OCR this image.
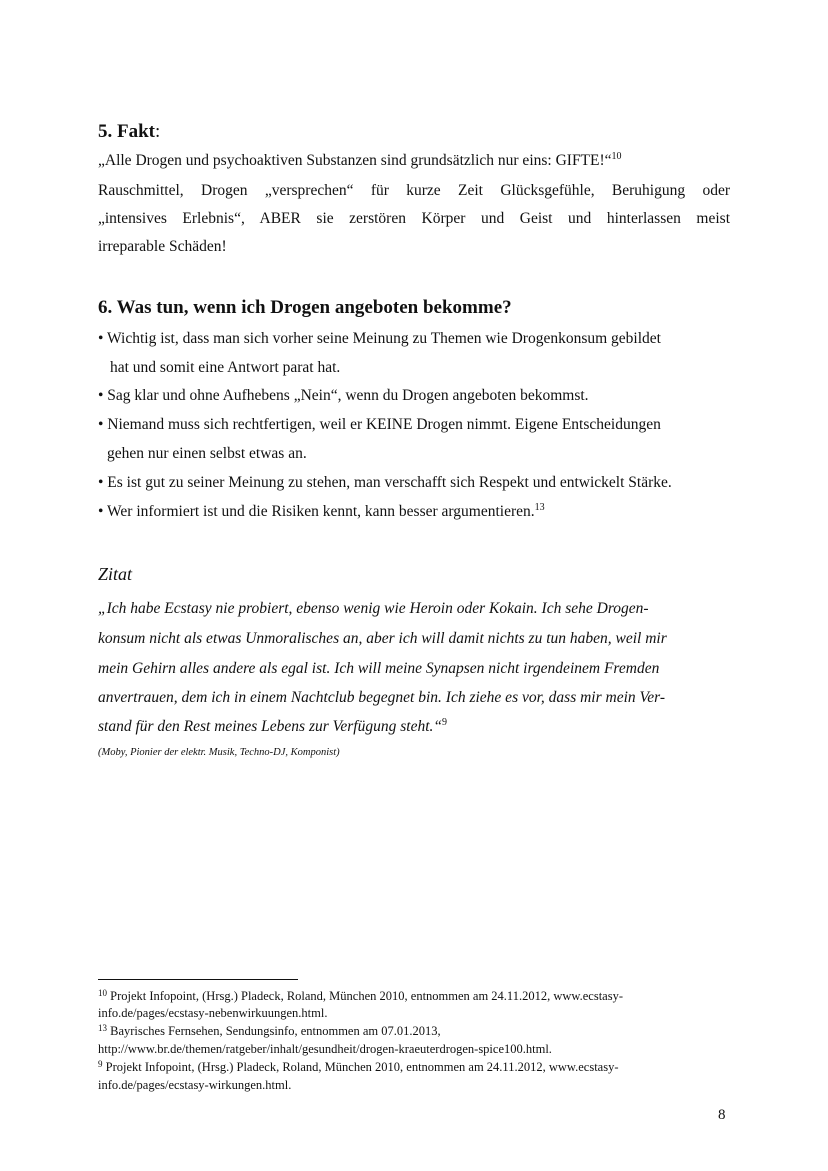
5. Fakt:
„Alle Drogen und psychoaktiven Substanzen sind grundsätzlich nur eins: GIFTE!“$^{10}$
Rauschmittel, Drogen „versprechen“ für kurze Zeit Glücksgefühle, Beruhigung oder
„intensives Erlebnis“, ABER sie zerstören Körper und Geist und hinterlassen meist
irreparable Schäden!
6. Was tun, wenn ich Drogen angeboten bekomme?
• Wichtig ist, dass man sich vorher seine Meinung zu Themen wie Drogenkonsum gebildet
hat und somit eine Antwort parat hat.
• Sag klar und ohne Aufhebens „Nein“, wenn du Drogen angeboten bekommst.
• Niemand muss sich rechtfertigen, weil er KEINE Drogen nimmt. Eigene Entscheidungen
gehen nur einen selbst etwas an.
• Es ist gut zu seiner Meinung zu stehen, man verschafft sich Respekt und entwickelt Stärke.
• Wer informiert ist und die Risiken kennt, kann besser argumentieren.$^{13}$
Zitat
„Ich habe Ecstasy nie probiert, ebenso wenig wie Heroin oder Kokain. Ich sehe Drogen-
konsum nicht als etwas Unmoralisches an, aber ich will damit nichts zu tun haben, weil mir
mein Gehirn alles andere als egal ist. Ich will meine Synapsen nicht irgendeinem Fremden
anvertrauen, dem ich in einem Nachtclub begegnet bin. Ich ziehe es vor, dass mir mein Ver-
stand für den Rest meines Lebens zur Verfügung steht.“$^9$
(Moby, Pionier der elektr. Musik, Techno-DJ, Komponist)
$^{10}$ Projekt Infopoint, (Hrsg.) Pladeck, Roland, München 2010, entnommen am 24.11.2012, www.ecstasy-
info.de/pages/ecstasy-nebenwirkuungen.html.
$^{13}$ Bayrisches Fernsehen, Sendungsinfo, entnommen am 07.01.2013,
http://www.br.de/themen/ratgeber/inhalt/gesundheit/drogen-kraeuterdrogen-spice100.html.
$^9$ Projekt Infopoint, (Hrsg.) Pladeck, Roland, München 2010, entnommen am 24.11.2012, www.ecstasy-
info.de/pages/ecstasy-wirkungen.html.
8
